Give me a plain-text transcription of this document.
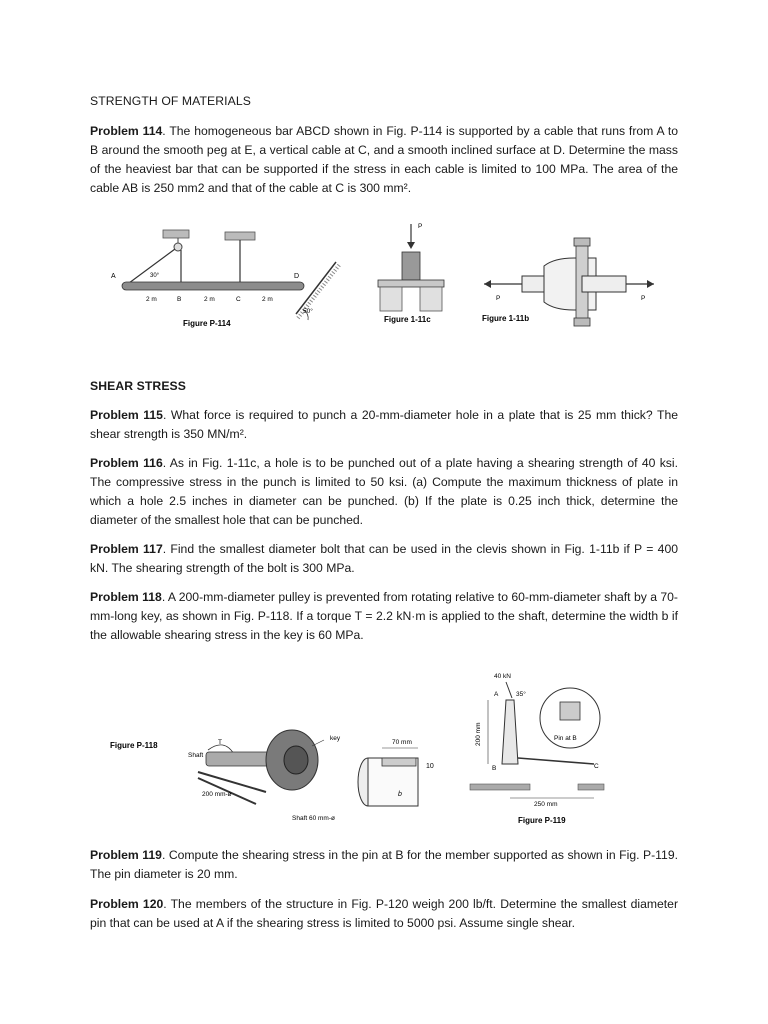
STRENGTH OF MATERIALS
Problem 114. The homogeneous bar ABCD shown in Fig. P-114 is supported by a cable that runs from A to B around the smooth peg at E, a vertical cable at C, and a smooth inclined surface at D. Determine the mass of the heaviest bar that can be supported if the stress in each cable is limited to 100 MPa. The area of the cable AB is 250 mm2 and that of the cable at C is 300 mm².
SHEAR STRESS
Problem 115. What force is required to punch a 20-mm-diameter hole in a plate that is 25 mm thick? The shear strength is 350 MN/m².
Problem 116. As in Fig. 1-11c, a hole is to be punched out of a plate having a shearing strength of 40 ksi. The compressive stress in the punch is limited to 50 ksi. (a) Compute the maximum thickness of plate in which a hole 2.5 inches in diameter can be punched. (b) If the plate is 0.25 inch thick, determine the diameter of the smallest hole that can be punched.
Problem 117. Find the smallest diameter bolt that can be used in the clevis shown in Fig. 1-11b if P = 400 kN. The shearing strength of the bolt is 300 MPa.
Problem 118. A 200-mm-diameter pulley is prevented from rotating relative to 60-mm-diameter shaft by a 70-mm-long key, as shown in Fig. P-118. If a torque T = 2.2 kN·m is applied to the shaft, determine the width b if the allowable shearing stress in the key is 60 MPa.
Problem 119. Compute the shearing stress in the pin at B for the member supported as shown in Fig. P-119. The pin diameter is 20 mm.
Problem 120. The members of the structure in Fig. P-120 weigh 200 lb/ft. Determine the smallest diameter pin that can be used at A if the shearing stress is limited to 5000 psi. Assume single shear.
A	30°	D
B	C
2 m	2 m	2 m
50°
Figure P-114
P
Figure 1-11c
P	P
Figure 1-11b
Figure P-118
Shaft
T
200 mm-ø
key
70 mm
10
b
Shaft 60 mm-ø
40 kN
A	35°
200 mm
B	C
Pin at B
250 mm
Figure P-119
